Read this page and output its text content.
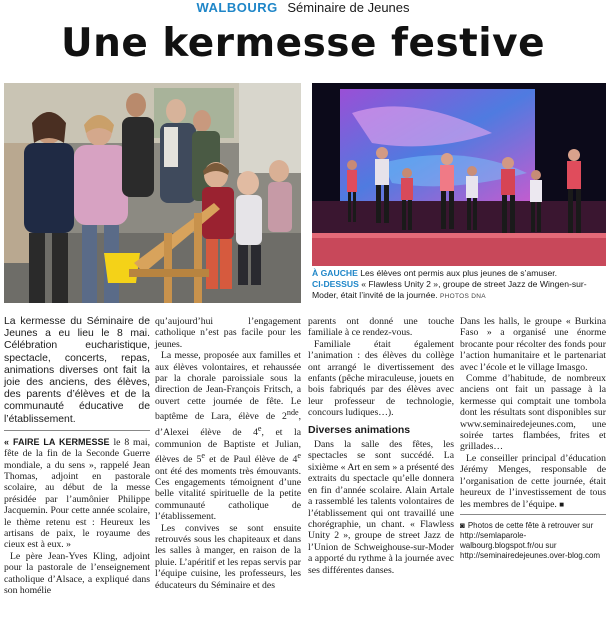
WALBOURG Séminaire de Jeunes
Une kermesse festive
À GAUCHE Les élèves ont permis aux plus jeunes de s’amuser.
CI-DESSUS « Flawless Unity 2 », groupe de street Jazz de Wingen-sur-Moder, était l’invité de la journée. PHOTOS DNA

La kermesse du Séminaire de Jeunes a eu lieu le 8 mai. Célébration eucharistique, spectacle, concerts, repas, animations diverses ont fait la joie des anciens, des élèves, des parents d’élèves et de la communauté éducative de l’établissement.

« FAIRE LA KERMESSE le 8 mai, fête de la fin de la Seconde Guerre mondiale, a du sens », rappelé Jean Thomas, adjoint en pastorale scolaire, au début de la messe présidée par l’aumônier Philippe Jacquemin. Pour cette année scolaire, le thème retenu est : Heureux les artisans de paix, le royaume des cieux est à eux. »

Le père Jean-Yves Kling, adjoint pour la pastorale de l’enseignement catholique d’Alsace, a expliqué dans son homélie

qu’aujourd’hui l’engagement catholique n’est pas facile pour les jeunes.

La messe, proposée aux familles et aux élèves volontaires, et rehaussée par la chorale paroissiale sous la direction de Jean-François Fritsch, a ouvert cette journée de fête. Le baptême de Lara, élève de 2nde, d’Alexei élève de 4e, et la communion de Baptiste et Julian, élèves de 5e et de Paul élève de 4e ont été des moments très émouvants. Ces engagements témoignent d’une belle vitalité spirituelle de la petite communauté catholique de l’établissement.

Les convives se sont ensuite retrouvés sous les chapiteaux et dans les salles à manger, en raison de la pluie. L’apéritif et les repas servis par l’équipe cuisine, les professeurs, les éducateurs du Séminaire et des

parents ont donné une touche familiale à ce rendez-vous.

Familiale était également l’animation : des élèves du collège ont arrangé le divertissement des enfants (pêche miraculeuse, jouets en bois fabriqués par des élèves avec leur professeur de technologie, concours ludiques…).

Diverses animations

Dans la salle des fêtes, les spectacles se sont succédé. La sixième « Art en sem » a présenté des extraits du spectacle qu’elle donnera en fin d’année scolaire. Alain Artale a rassemblé les talents volontaires de l’établissement qui ont travaillé une chorégraphie, un chant. « Flawless Unity 2 », groupe de street Jazz de l’Union de Schweighouse-sur-Moder a apporté du rythme à la journée avec ses différentes danses.

Dans les halls, le groupe « Burkina Faso » a organisé une énorme brocante pour récolter des fonds pour l’action humanitaire et le partenariat avec l’école et le village Imasgo.

Comme d’habitude, de nombreux anciens ont fait un passage à la kermesse qui comptait une tombola dont les résultats sont disponibles sur www.seminairedejeunes.com, une soirée tartes flambées, frites et grillades…

Le conseiller principal d’éducation Jérémy Menges, responsable de l’organisation de cette journée, était heureux de l’investissement de tous les membres de l’équipe. ■

◙ Photos de cette fête à retrouver sur http://semlaparole-walbourg.blogspot.fr/ou sur http://seminairedejeunes.over-blog.com
